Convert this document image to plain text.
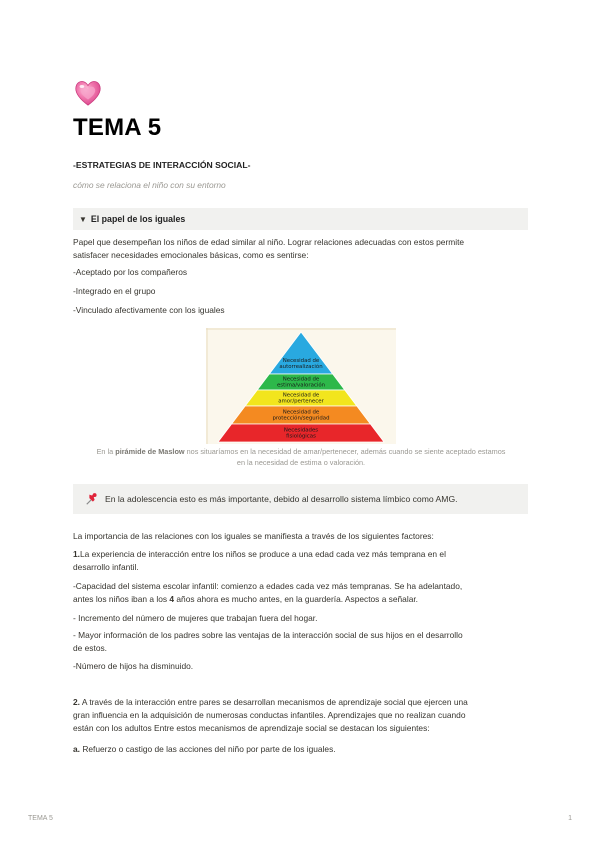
TEMA 5
-ESTRATEGIAS DE INTERACCIÓN SOCIAL-
cómo se relaciona el niño con su entorno
▼ El papel de los iguales
Papel que desempeñan los niños de edad similar al niño. Lograr relaciones adecuadas con estos permite
satisfacer necesidades emocionales básicas, como es sentirse:
-Aceptado por los compañeros
-Integrado en el grupo
-Vinculado afectivamente con los iguales
Necesidad de
autorrealización
Necesidad de
estima/valoración
Necesidad de
amor/pertenecer
Necesidad de
protección/seguridad
Necesidades
fisiológicas
En la pirámide de Maslow nos situaríamos en la necesidad de amar/pertenecer, además cuando se siente aceptado estamos
en la necesidad de estima o valoración.
En la adolescencia esto es más importante, debido al desarrollo sistema límbico como AMG.
La importancia de las relaciones con los iguales se manifiesta a través de los siguientes factores:
1.La experiencia de interacción entre los niños se produce a una edad cada vez más temprana en el
desarrollo infantil.
-Capacidad del sistema escolar infantil: comienzo a edades cada vez más tempranas. Se ha adelantado,
antes los niños iban a los 4 años ahora es mucho antes, en la guardería. Aspectos a señalar.
- Incremento del número de mujeres que trabajan fuera del hogar.
- Mayor información de los padres sobre las ventajas de la interacción social de sus hijos en el desarrollo
de estos.
-Número de hijos ha disminuido.
2. A través de la interacción entre pares se desarrollan mecanismos de aprendizaje social que ejercen una
gran influencia en la adquisición de numerosas conductas infantiles. Aprendizajes que no realizan cuando
están con los adultos Entre estos mecanismos de aprendizaje social se destacan los siguientes:
a. Refuerzo o castigo de las acciones del niño por parte de los iguales.
TEMA 5	1
